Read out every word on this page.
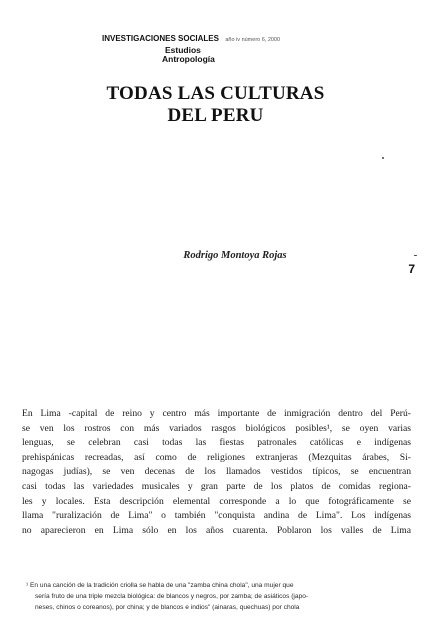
INVESTIGACIONES SOCIALES año iv número 6, 2000
Estudios
Antropología
TODAS LAS CULTURAS
DEL PERU
Rodrigo Montoya Rojas
7
En Lima -capital de reino y centro más importante de inmigración dentro del Perú-
se ven los rostros con más variados rasgos biológicos posibles¹, se oyen varias
lenguas, se celebran casi todas las fiestas patronales católicas e indígenas
prehispánicas recreadas, así como de religiones extranjeras (Mezquitas árabes, Si-
nagogas judías), se ven decenas de los llamados vestidos típicos, se encuentran
casi todas las variedades musicales y gran parte de los platos de comidas regiona-
les y locales. Esta descripción elemental corresponde a lo que fotográficamente se
llama "ruralización de Lima" o también "conquista andina de Lima". Los indígenas
no aparecieron en Lima sólo en los años cuarenta. Poblaron los valles de Lima
¹ En una canción de la tradición criolla se habla de una "zamba china chola", una mujer que
sería fruto de una triple mezcla biológica: de blancos y negros, por zamba; de asiáticos (japo-
neses, chinos o coreanos), por china; y de blancos e indios" (ainaras, quechuas) por chola
